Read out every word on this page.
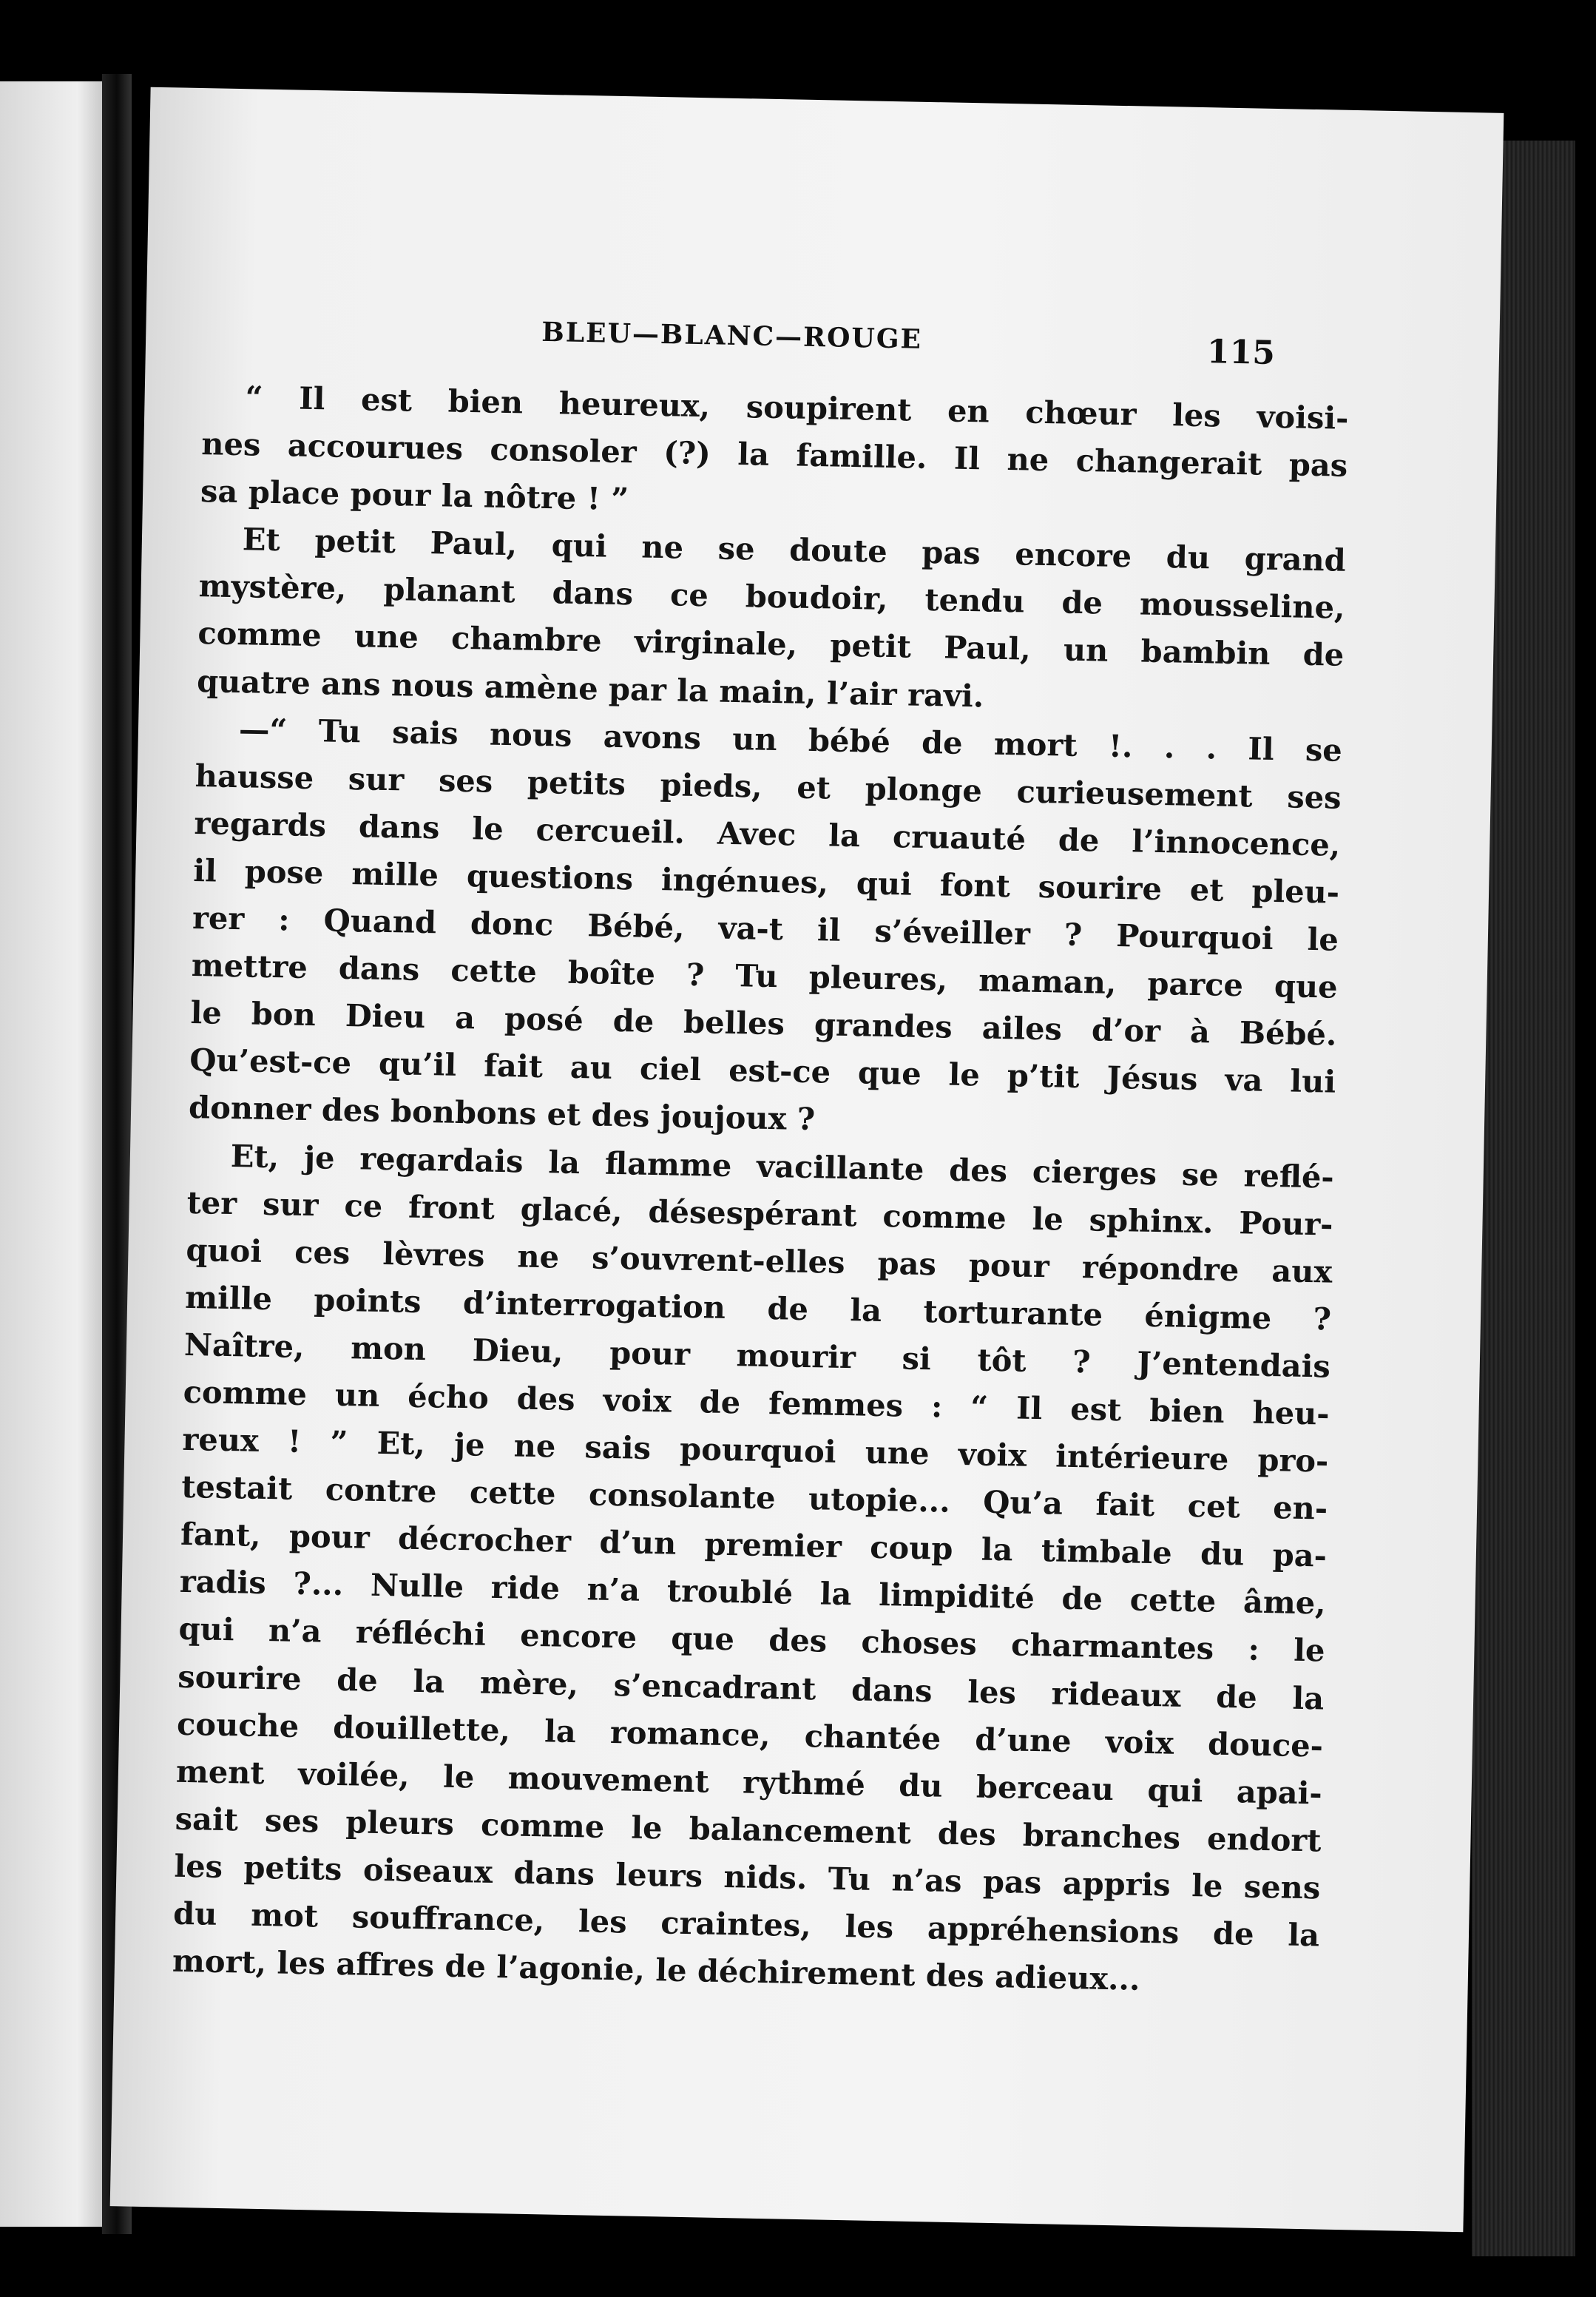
BLEU—BLANC—ROUGE	115
“ Il est bien heureux, soupirent en chœur les voisi-
nes accourues consoler (?) la famille. Il ne changerait pas
sa place pour la nôtre ! ”
Et petit Paul, qui ne se doute pas encore du grand
mystère, planant dans ce boudoir, tendu de mousseline,
comme une chambre virginale, petit Paul, un bambin de
quatre ans nous amène par la main, l’air ravi.
—“ Tu sais nous avons un bébé de mort !. . . Il se
hausse sur ses petits pieds, et plonge curieusement ses
regards dans le cercueil. Avec la cruauté de l’innocence,
il pose mille questions ingénues, qui font sourire et pleu-
rer : Quand donc Bébé, va-t il s’éveiller ? Pourquoi le
mettre dans cette boîte ? Tu pleures, maman, parce que
le bon Dieu a posé de belles grandes ailes d’or à Bébé.
Qu’est-ce qu’il fait au ciel est-ce que le p’tit Jésus va lui
donner des bonbons et des joujoux ?
Et, je regardais la flamme vacillante des cierges se reflé-
ter sur ce front glacé, désespérant comme le sphinx. Pour-
quoi ces lèvres ne s’ouvrent-elles pas pour répondre aux
mille points d’interrogation de la torturante énigme ?
Naître, mon Dieu, pour mourir si tôt ? J’entendais
comme un écho des voix de femmes : “ Il est bien heu-
reux ! ” Et, je ne sais pourquoi une voix intérieure pro-
testait contre cette consolante utopie... Qu’a fait cet en-
fant, pour décrocher d’un premier coup la timbale du pa-
radis ?... Nulle ride n’a troublé la limpidité de cette âme,
qui n’a réfléchi encore que des choses charmantes : le
sourire de la mère, s’encadrant dans les rideaux de la
couche douillette, la romance, chantée d’une voix douce-
ment voilée, le mouvement rythmé du berceau qui apai-
sait ses pleurs comme le balancement des branches endort
les petits oiseaux dans leurs nids. Tu n’as pas appris le sens
du mot souffrance, les craintes, les appréhensions de la
mort, les affres de l’agonie, le déchirement des adieux...
